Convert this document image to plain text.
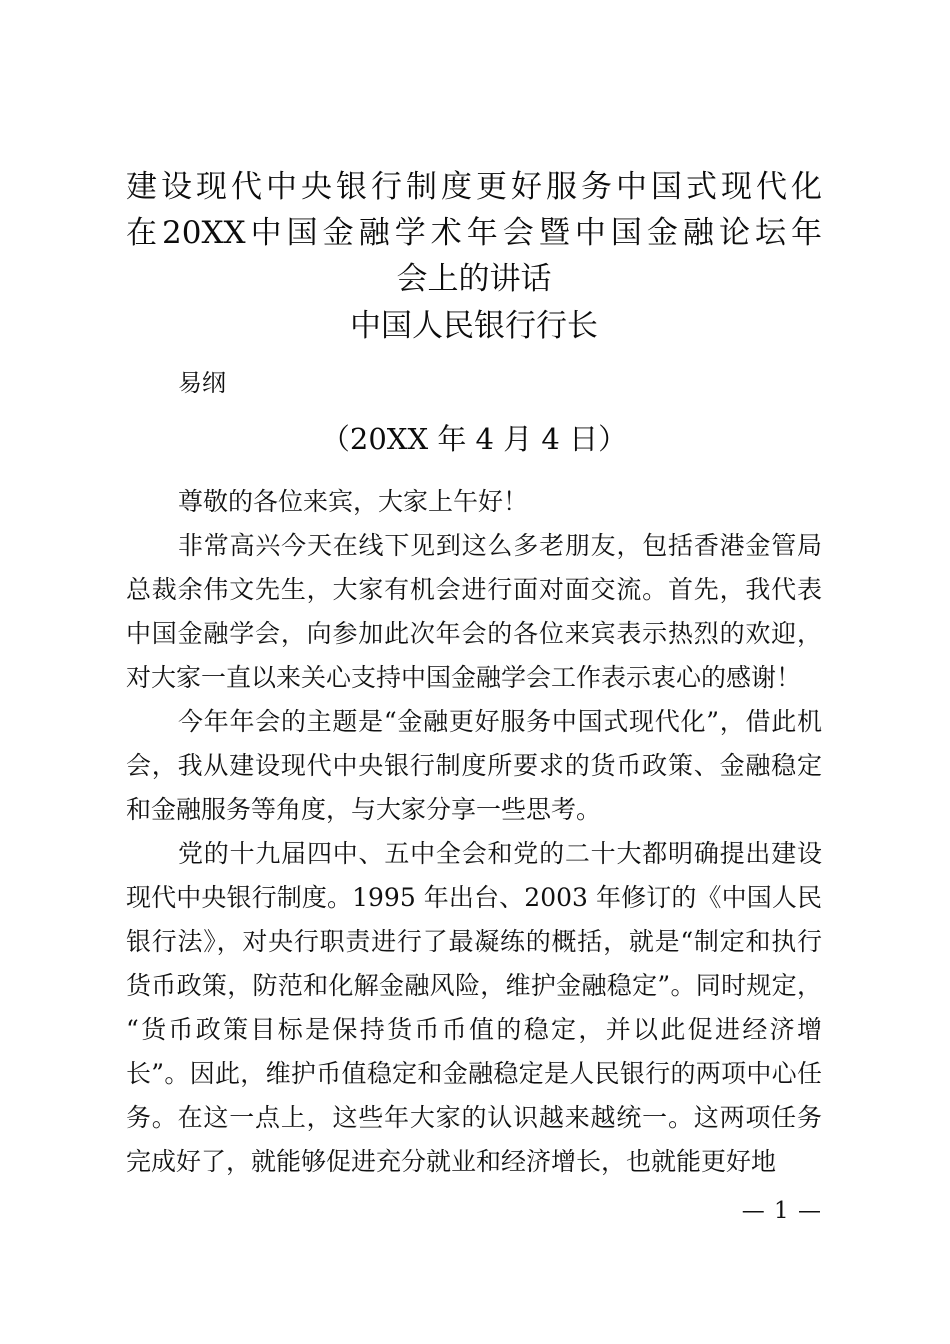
建设现代中央银行制度更好服务中国式现代化
在20XX中国金融学术年会暨中国金融论坛年
会上的讲话
中国人民银行行长

易纲

（20XX 年 4 月 4 日）

尊敬的各位来宾，大家上午好！

非常高兴今天在线下见到这么多老朋友，包括香港金管局总裁余伟文先生，大家有机会进行面对面交流。首先，我代表中国金融学会，向参加此次年会的各位来宾表示热烈的欢迎，对大家一直以来关心支持中国金融学会工作表示衷心的感谢！

今年年会的主题是“金融更好服务中国式现代化”，借此机会，我从建设现代中央银行制度所要求的货币政策、金融稳定和金融服务等角度，与大家分享一些思考。

党的十九届四中、五中全会和党的二十大都明确提出建设现代中央银行制度。1995 年出台、2003 年修订的《中国人民银行法》，对央行职责进行了最凝练的概括，就是“制定和执行货币政策，防范和化解金融风险，维护金融稳定”。同时规定，“货币政策目标是保持货币币值的稳定，并以此促进经济增长”。因此，维护币值稳定和金融稳定是人民银行的两项中心任务。在这一点上，这些年大家的认识越来越统一。这两项任务完成好了，就能够促进充分就业和经济增长，也就能更好地

— 1 —
